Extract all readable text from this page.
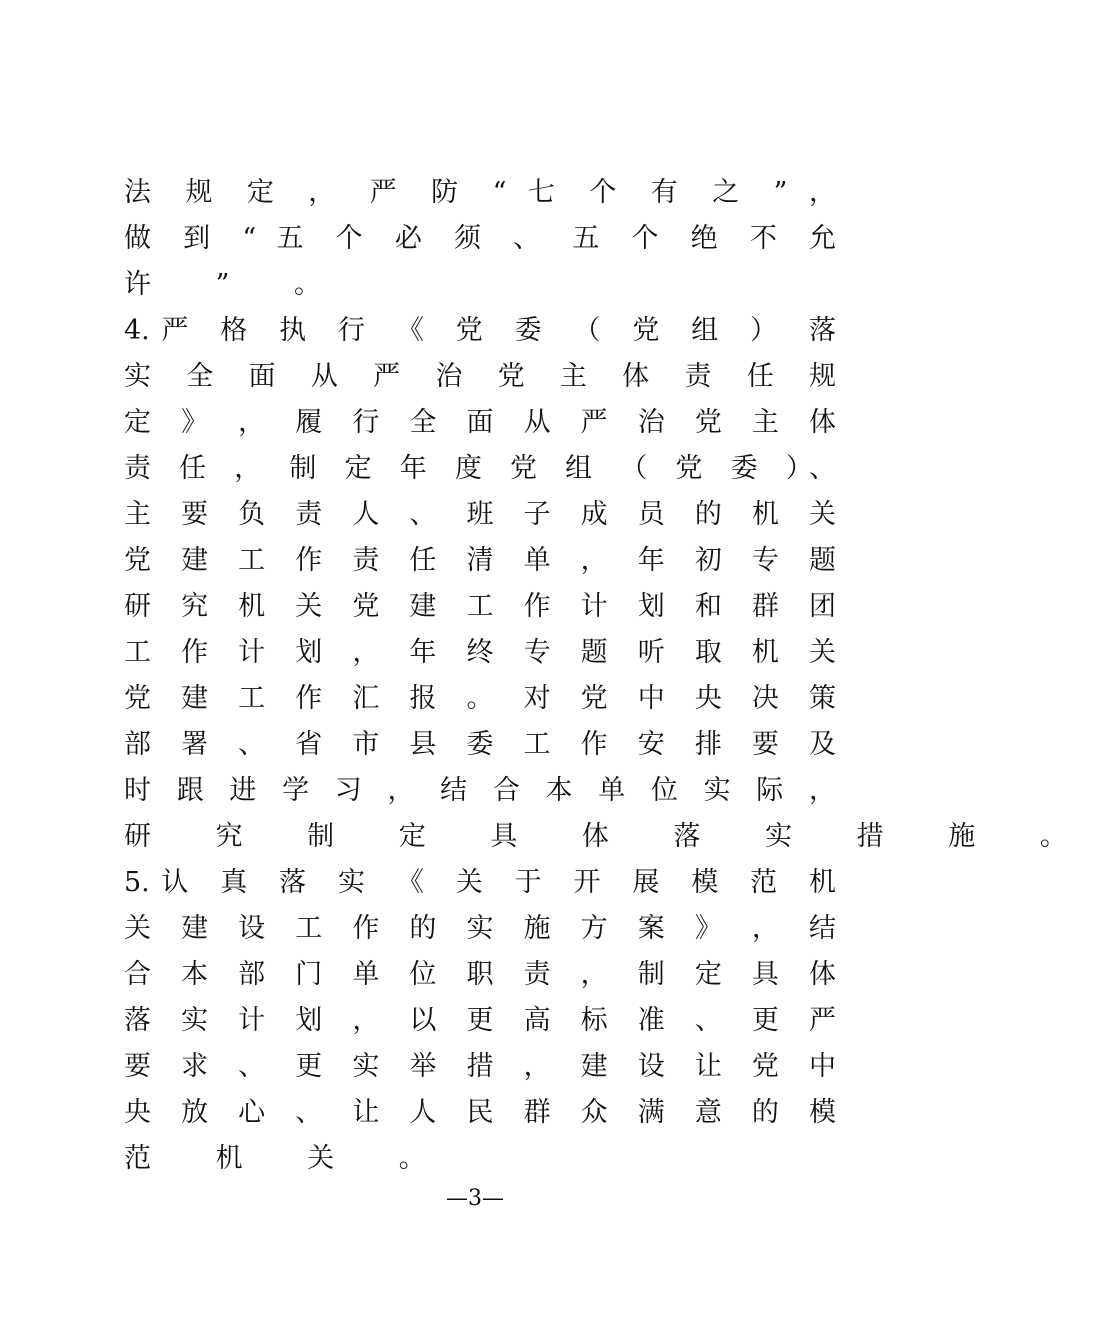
法 规 定 ， 严 防 “ 七 个 有 之 ” ，
做 到 “ 五 个 必 须 、 五 个 绝 不 允
许 ” 。
4.严 格 执 行 《 党 委 （ 党 组 ） 落
实 全 面 从 严 治 党 主 体 责 任 规
定 》 ， 履 行 全 面 从 严 治 党 主 体
责 任 ， 制 定 年 度 党 组 （ 党 委 ）、
主 要 负 责 人 、 班 子 成 员 的 机 关
党 建 工 作 责 任 清 单 ， 年 初 专 题
研 究 机 关 党 建 工 作 计 划 和 群 团
工 作 计 划 ， 年 终 专 题 听 取 机 关
党 建 工 作 汇 报 。 对 党 中 央 决 策
部 署 、 省 市 县 委 工 作 安 排 要 及
时 跟 进 学 习 ， 结 合 本 单 位 实 际 ，
研 究 制 定 具 体 落 实 措 施 。
5.认 真 落 实 《 关 于 开 展 模 范 机
关 建 设 工 作 的 实 施 方 案 》 ， 结
合 本 部 门 单 位 职 责 ， 制 定 具 体
落 实 计 划 ， 以 更 高 标 准 、 更 严
要 求 、 更 实 举 措 ， 建 设 让 党 中
央 放 心 、 让 人 民 群 众 满 意 的 模
范 机 关 。
—3—
